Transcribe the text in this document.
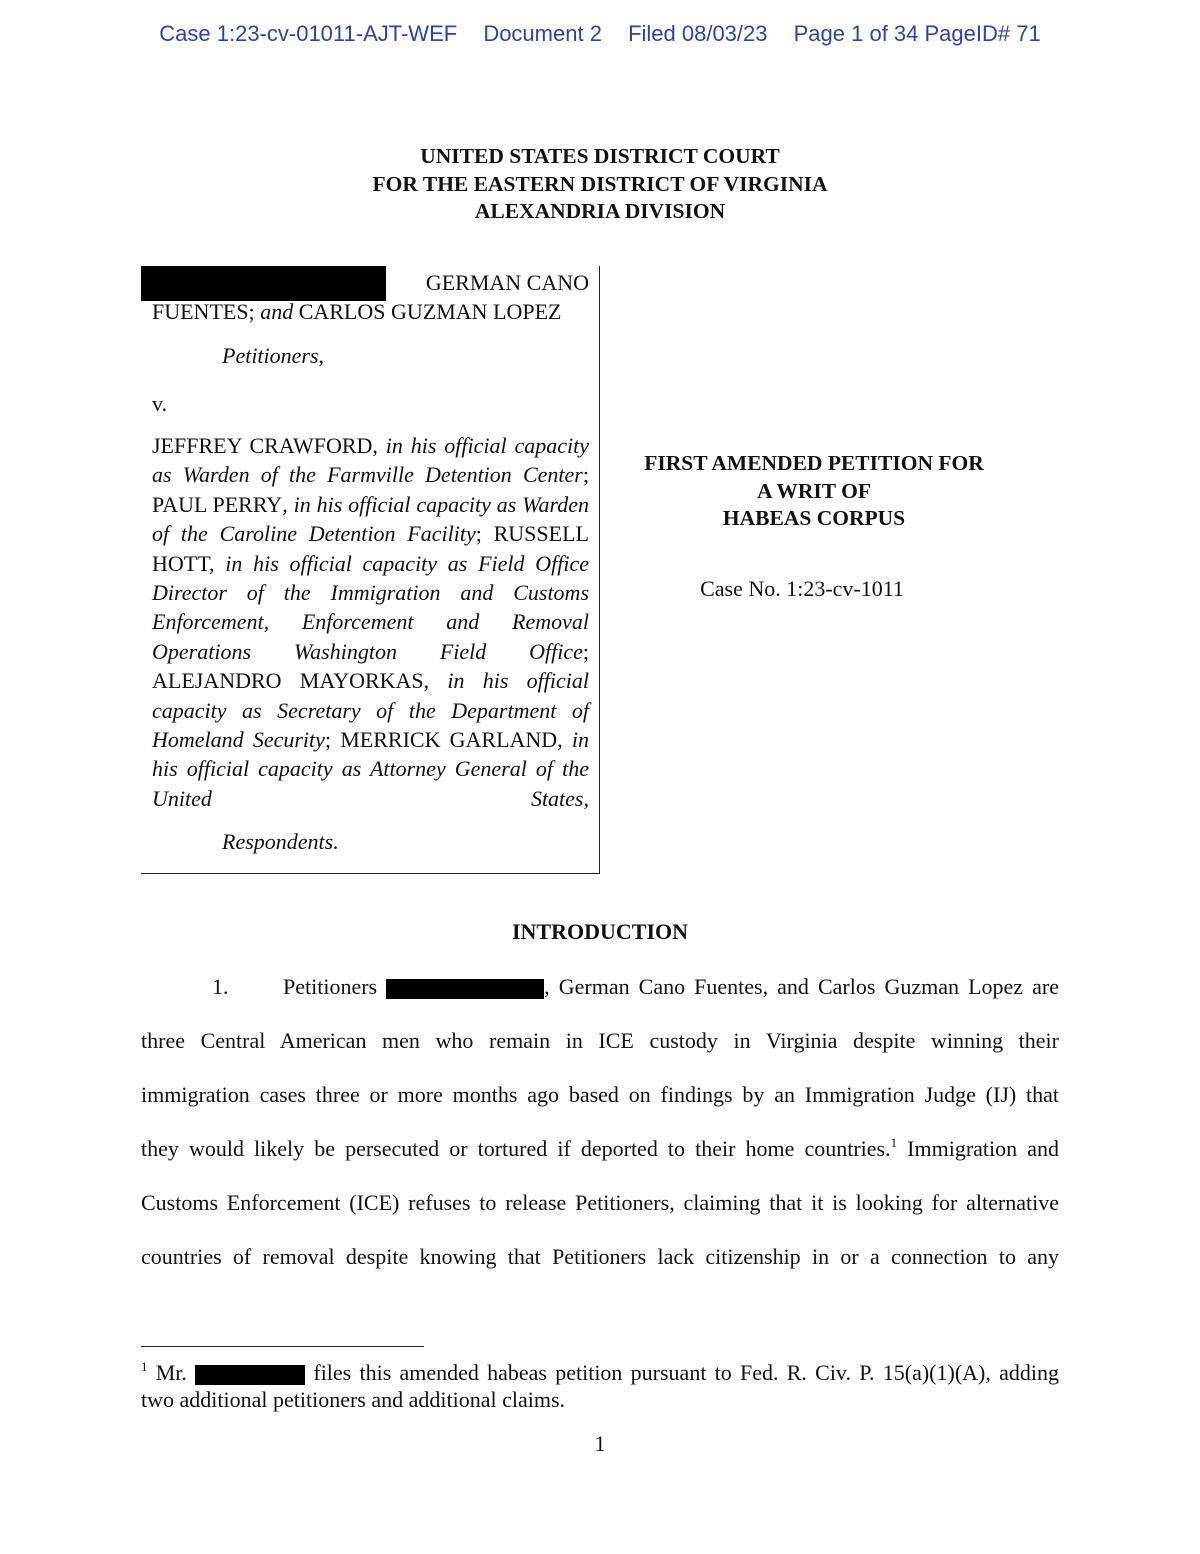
Case 1:23-cv-01011-AJT-WEF Document 2 Filed 08/03/23 Page 1 of 34 PageID# 71
UNITED STATES DISTRICT COURT
FOR THE EASTERN DISTRICT OF VIRGINIA
ALEXANDRIA DIVISION
GERMAN CANO
FUENTES; and CARLOS GUZMAN LOPEZ
Petitioners,
v.
JEFFREY CRAWFORD, in his official capacity as Warden of the Farmville Detention Center; PAUL PERRY, in his official capacity as Warden of the Caroline Detention Facility; RUSSELL HOTT, in his official capacity as Field Office Director of the Immigration and Customs Enforcement, Enforcement and Removal Operations Washington Field Office; ALEJANDRO MAYORKAS, in his official capacity as Secretary of the Department of Homeland Security; MERRICK GARLAND, in his official capacity as Attorney General of the United States,
Respondents.
FIRST AMENDED PETITION FOR
A WRIT OF
HABEAS CORPUS
Case No. 1:23-cv-1011
INTRODUCTION
1. Petitioners	, German Cano Fuentes, and Carlos Guzman Lopez are
three Central American men who remain in ICE custody in Virginia despite winning their
immigration cases three or more months ago based on findings by an Immigration Judge (IJ) that
they would likely be persecuted or tortured if deported to their home countries.$^1$ Immigration and
Customs Enforcement (ICE) refuses to release Petitioners, claiming that it is looking for alternative
countries of removal despite knowing that Petitioners lack citizenship in or a connection to any
$^1$ Mr.	files this amended habeas petition pursuant to Fed. R. Civ. P. 15(a)(1)(A), adding
two additional petitioners and additional claims.
1
